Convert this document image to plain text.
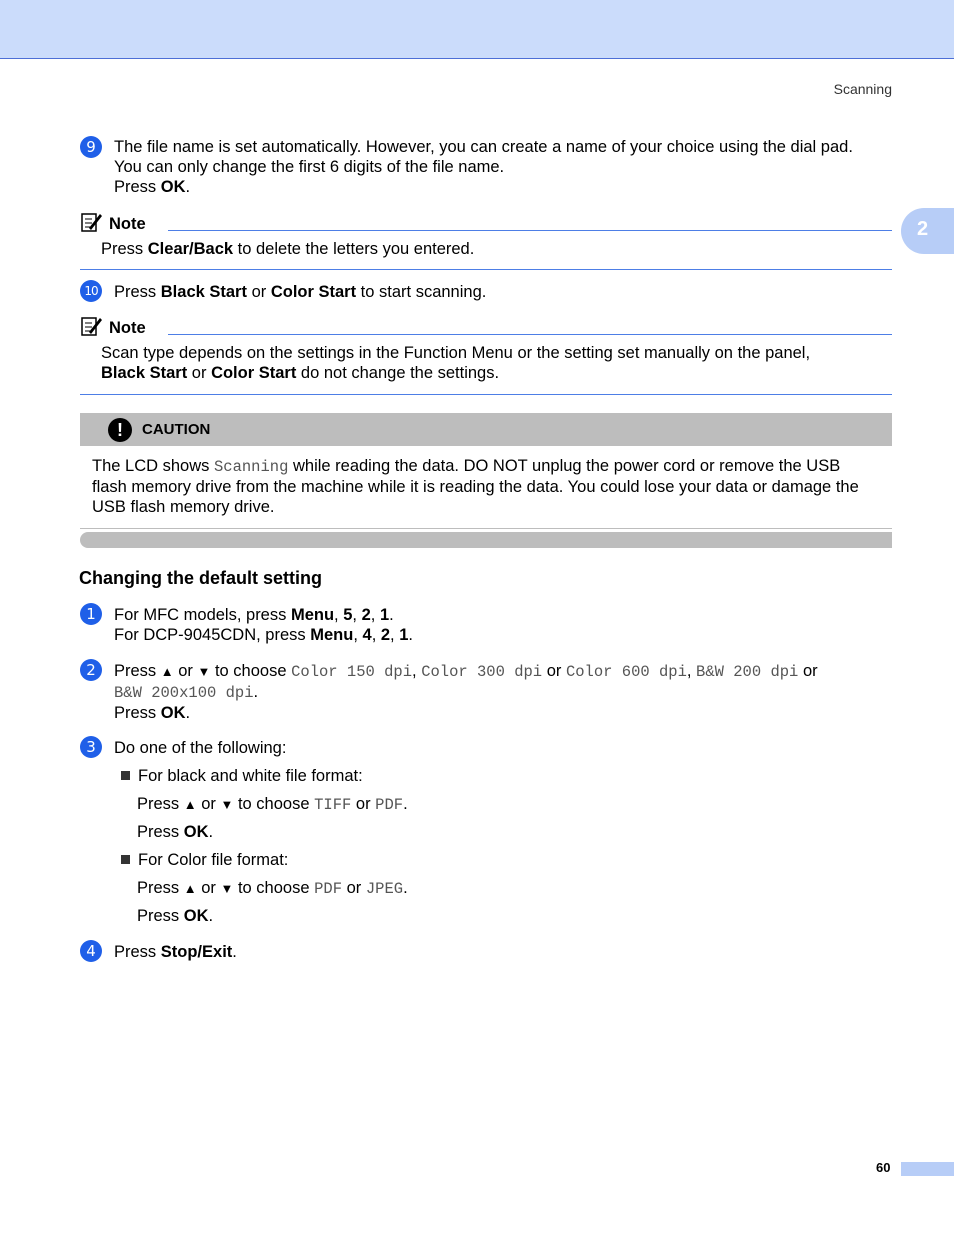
Scanning
2
9	The file name is set automatically. However, you can create a name of your choice using the dial pad.
You can only change the first 6 digits of the file name.
Press OK.
Note
Press Clear/Back to delete the letters you entered.
10 Press Black Start or Color Start to start scanning.
Note
Scan type depends on the settings in the Function Menu or the setting set manually on the panel,
Black Start or Color Start do not change the settings.
!	CAUTION
The LCD shows Scanning while reading the data. DO NOT unplug the power cord or remove the USB
flash memory drive from the machine while it is reading the data. You could lose your data or damage the
USB flash memory drive.
Changing the default setting
1	For MFC models, press Menu, 5, 2, 1.
For DCP-9045CDN, press Menu, 4, 2, 1.
2	Press ▲ or ▼ to choose Color 150 dpi, Color 300 dpi or Color 600 dpi, B&W 200 dpi or
B&W 200x100 dpi.
Press OK.
3	Do one of the following:
For black and white file format:
Press ▲ or ▼ to choose TIFF or PDF.
Press OK.
For Color file format:
Press ▲ or ▼ to choose PDF or JPEG.
Press OK.
4	Press Stop/Exit.
60
